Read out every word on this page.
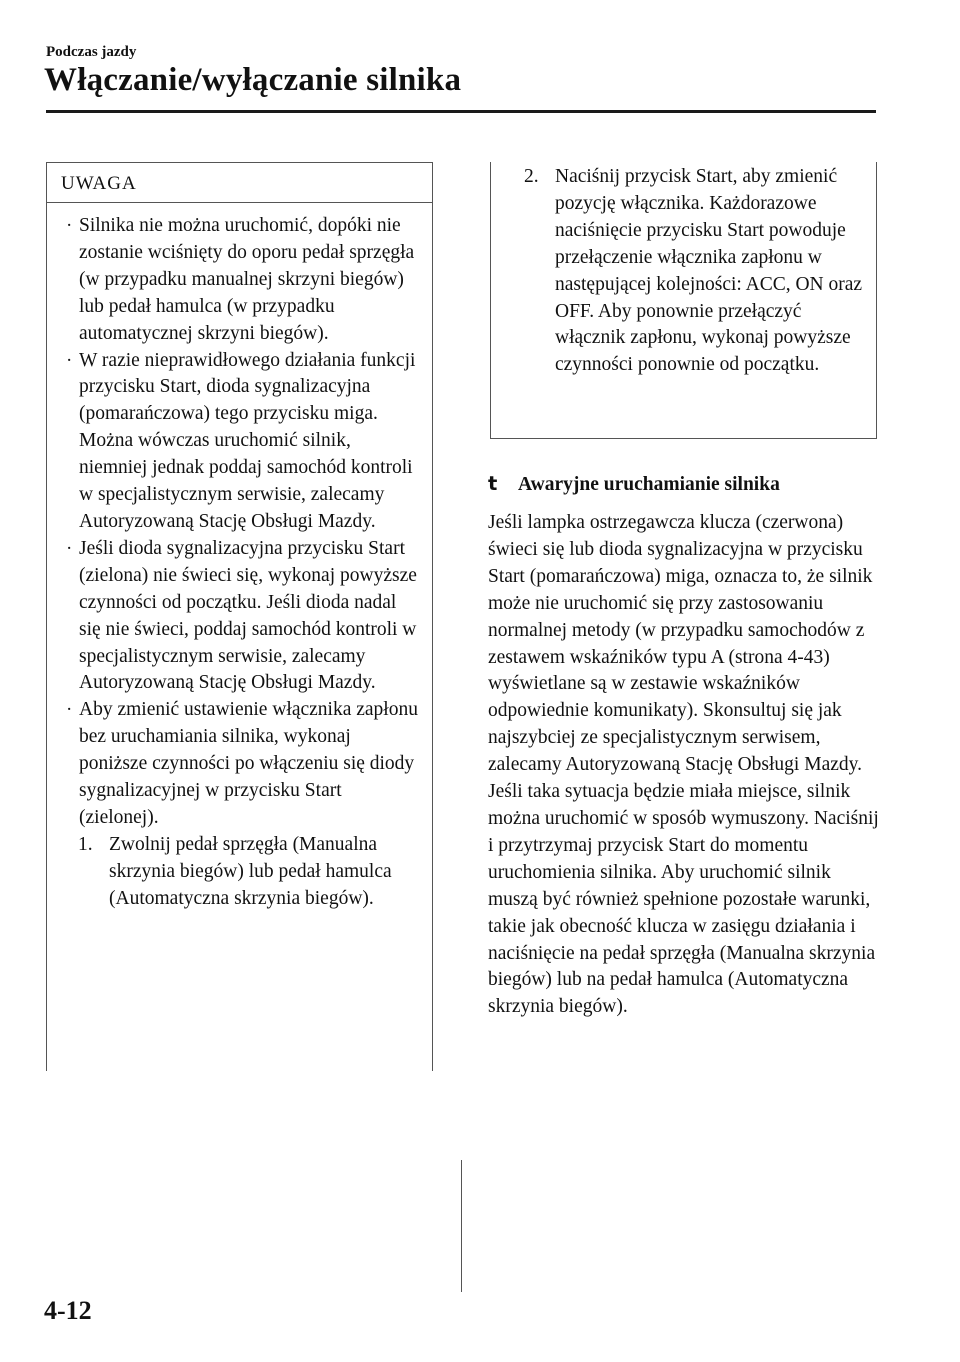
Podczas jazdy
Włączanie/wyłączanie silnika
UWAGA
· Silnika nie można uruchomić, dopóki nie zostanie wciśnięty do oporu pedał sprzęgła (w przypadku manualnej skrzyni biegów) lub pedał hamulca (w przypadku automatycznej skrzyni biegów).
· W razie nieprawidłowego działania funkcji przycisku Start, dioda sygnalizacyjna (pomarańczowa) tego przycisku miga. Można wówczas uruchomić silnik, niemniej jednak poddaj samochód kontroli w specjalistycznym serwisie, zalecamy Autoryzowaną Stację Obsługi Mazdy.
· Jeśli dioda sygnalizacyjna przycisku Start (zielona) nie świeci się, wykonaj powyższe czynności od początku. Jeśli dioda nadal się nie świeci, poddaj samochód kontroli w specjalistycznym serwisie, zalecamy Autoryzowaną Stację Obsługi Mazdy.
· Aby zmienić ustawienie włącznika zapłonu bez uruchamiania silnika, wykonaj poniższe czynności po włączeniu się diody sygnalizacyjnej w przycisku Start (zielonej).
1. Zwolnij pedał sprzęgła (Manualna skrzynia biegów) lub pedał hamulca (Automatyczna skrzynia biegów).
2. Naciśnij przycisk Start, aby zmienić pozycję włącznika. Każdorazowe naciśnięcie przycisku Start powoduje przełączenie włącznika zapłonu w następującej kolejności: ACC, ON oraz OFF. Aby ponownie przełączyć włącznik zapłonu, wykonaj powyższe czynności ponownie od początku.
t Awaryjne uruchamianie silnika
Jeśli lampka ostrzegawcza klucza (czerwona) świeci się lub dioda sygnalizacyjna w przycisku Start (pomarańczowa) miga, oznacza to, że silnik może nie uruchomić się przy zastosowaniu normalnej metody (w przypadku samochodów z zestawem wskaźników typu A (strona 4-43) wyświetlane są w zestawie wskaźników odpowiednie komunikaty). Skonsultuj się jak najszybciej ze specjalistycznym serwisem, zalecamy Autoryzowaną Stację Obsługi Mazdy. Jeśli taka sytuacja będzie miała miejsce, silnik można uruchomić w sposób wymuszony. Naciśnij i przytrzymaj przycisk Start do momentu uruchomienia silnika. Aby uruchomić silnik muszą być również spełnione pozostałe warunki, takie jak obecność klucza w zasięgu działania i naciśnięcie na pedał sprzęgła (Manualna skrzynia biegów) lub na pedał hamulca (Automatyczna skrzynia biegów).
4-12
